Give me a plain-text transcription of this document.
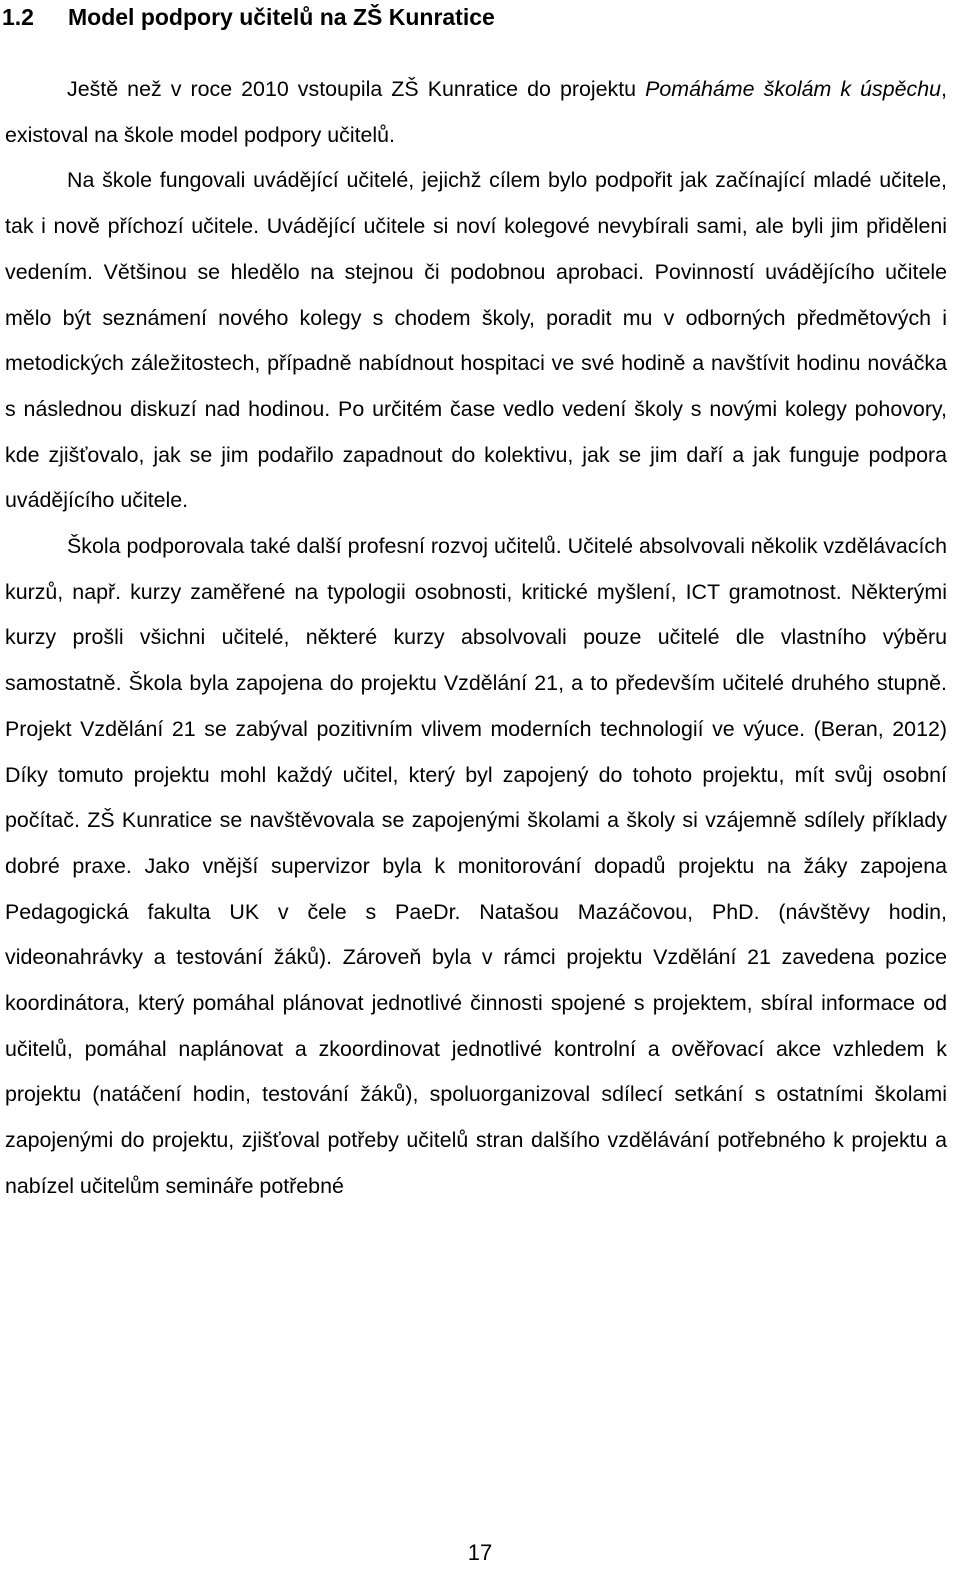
1.2 Model podpory učitelů na ZŠ Kunratice

Ještě než v roce 2010 vstoupila ZŠ Kunratice do projektu Pomáháme školám k úspěchu, existoval na škole model podpory učitelů.

Na škole fungovali uvádějící učitelé, jejichž cílem bylo podpořit jak začínající mladé učitele, tak i nově příchozí učitele. Uvádějící učitele si noví kolegové nevybírali sami, ale byli jim přiděleni vedením. Většinou se hledělo na stejnou či podobnou aprobaci. Povinností uvádějícího učitele mělo být seznámení nového kolegy s chodem školy, poradit mu v odborných předmětových i metodických záležitostech, případně nabídnout hospitaci ve své hodině a navštívit hodinu nováčka s následnou diskuzí nad hodinou. Po určitém čase vedlo vedení školy s novými kolegy pohovory, kde zjišťovalo, jak se jim podařilo zapadnout do kolektivu, jak se jim daří a jak funguje podpora uvádějícího učitele.

Škola podporovala také další profesní rozvoj učitelů. Učitelé absolvovali několik vzdělávacích kurzů, např. kurzy zaměřené na typologii osobnosti, kritické myšlení, ICT gramotnost. Některými kurzy prošli všichni učitelé, některé kurzy absolvovali pouze učitelé dle vlastního výběru samostatně. Škola byla zapojena do projektu Vzdělání 21, a to především učitelé druhého stupně. Projekt Vzdělání 21 se zabýval pozitivním vlivem moderních technologií ve výuce. (Beran, 2012) Díky tomuto projektu mohl každý učitel, který byl zapojený do tohoto projektu, mít svůj osobní počítač. ZŠ Kunratice se navštěvovala se zapojenými školami a školy si vzájemně sdílely příklady dobré praxe. Jako vnější supervizor byla k monitorování dopadů projektu na žáky zapojena Pedagogická fakulta UK v čele s PaeDr. Natašou Mazáčovou, PhD. (návštěvy hodin, videonahrávky a testování žáků). Zároveň byla v rámci projektu Vzdělání 21 zavedena pozice koordinátora, který pomáhal plánovat jednotlivé činnosti spojené s projektem, sbíral informace od učitelů, pomáhal naplánovat a zkoordinovat jednotlivé kontrolní a ověřovací akce vzhledem k projektu (natáčení hodin, testování žáků), spoluorganizoval sdílecí setkání s ostatními školami zapojenými do projektu, zjišťoval potřeby učitelů stran dalšího vzdělávání potřebného k projektu a nabízel učitelům semináře potřebné

17
